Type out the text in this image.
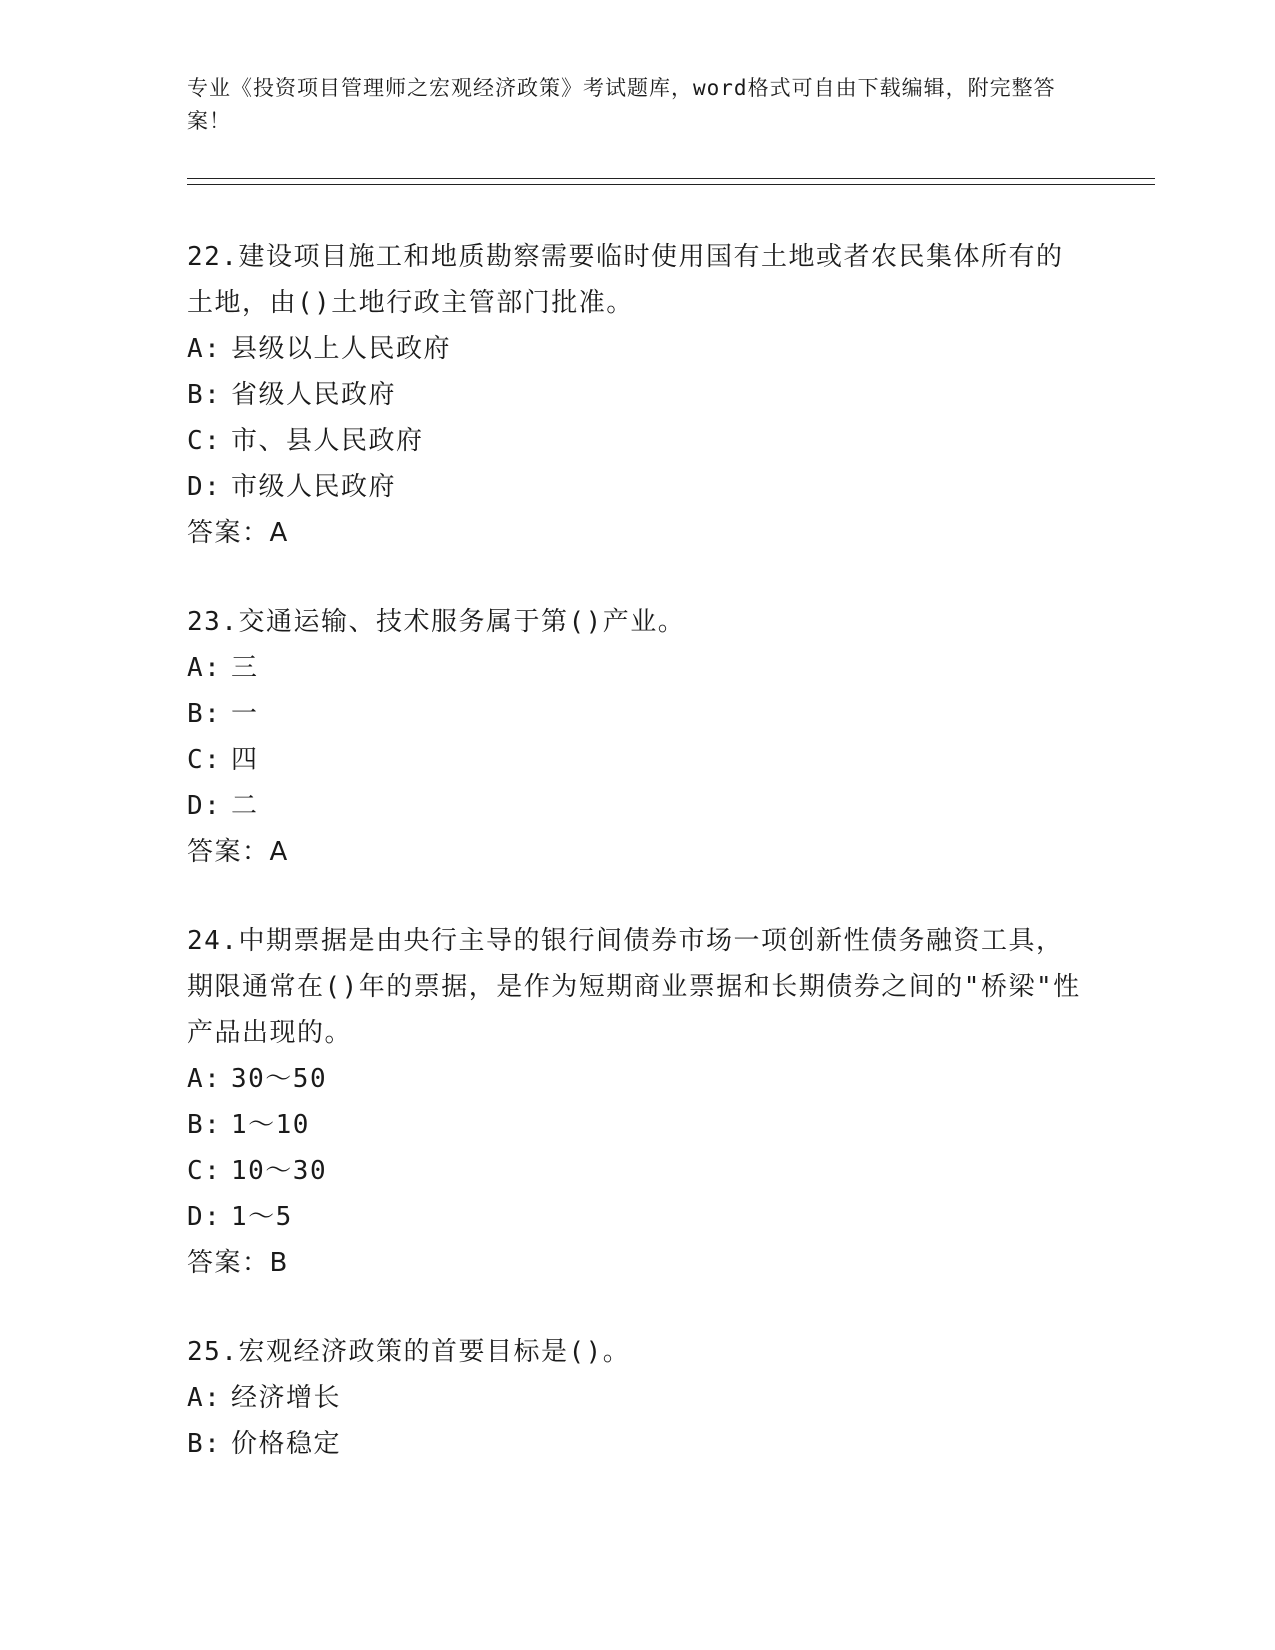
专业《投资项目管理师之宏观经济政策》考试题库，word格式可自由下载编辑，附完整答案！

22.建设项目施工和地质勘察需要临时使用国有土地或者农民集体所有的土地，由()土地行政主管部门批准。

A: 县级以上人民政府

B: 省级人民政府

C: 市、县人民政府

D: 市级人民政府

答案：A

23.交通运输、技术服务属于第()产业。

A: 三

B: 一

C: 四

D: 二

答案：A

24.中期票据是由央行主导的银行间债券市场一项创新性债务融资工具，期限通常在()年的票据，是作为短期商业票据和长期债券之间的"桥梁"性产品出现的。

A: 30～50

B: 1～10

C: 10～30

D: 1～5

答案：B

25.宏观经济政策的首要目标是()。

A: 经济增长

B: 价格稳定
